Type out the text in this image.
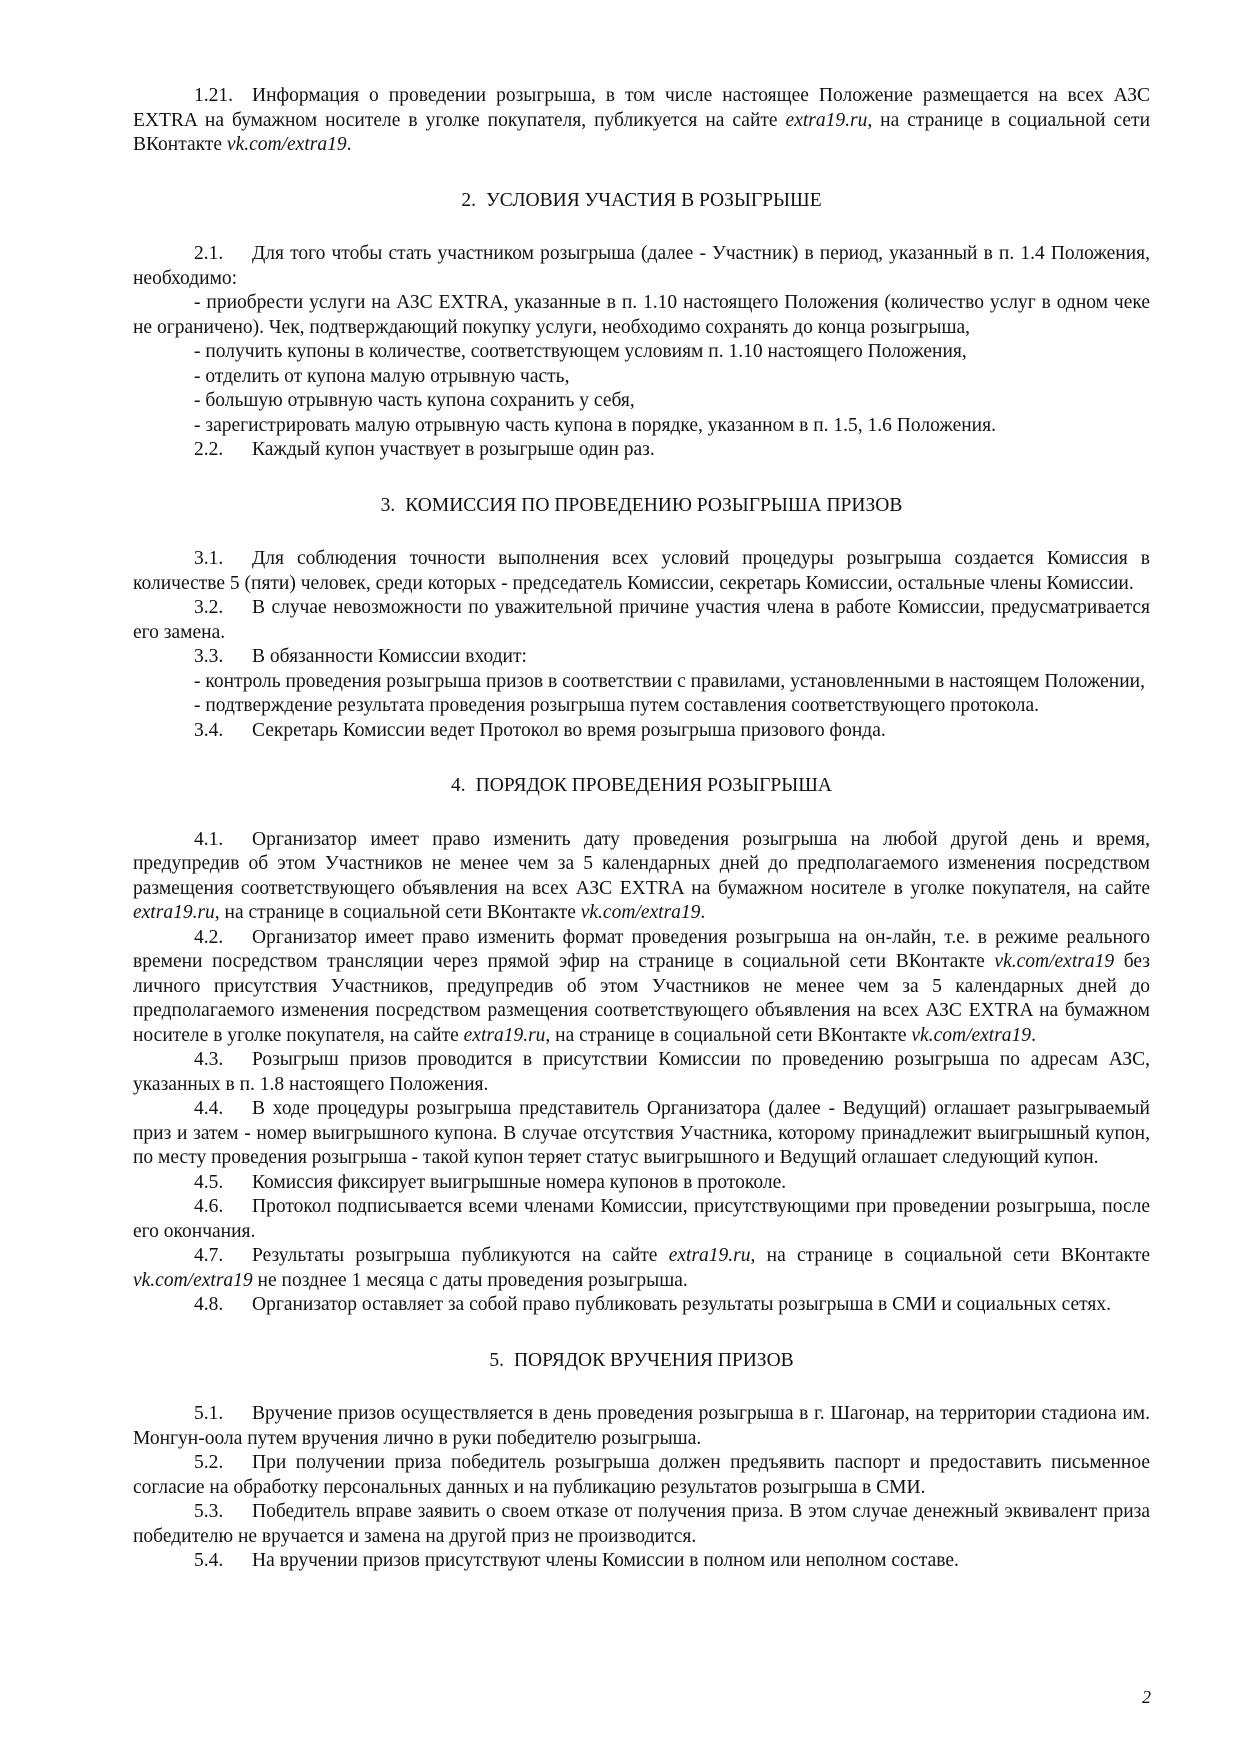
1.21. Информация о проведении розыгрыша, в том числе настоящее Положение размещается на всех АЗС EXTRA на бумажном носителе в уголке покупателя, публикуется на сайте extra19.ru, на странице в социальной сети ВКонтакте vk.com/extra19.
2. УСЛОВИЯ УЧАСТИЯ В РОЗЫГРЫШЕ
2.1. Для того чтобы стать участником розыгрыша (далее - Участник) в период, указанный в п. 1.4 Положения, необходимо:
- приобрести услуги на АЗС EXTRA, указанные в п. 1.10 настоящего Положения (количество услуг в одном чеке не ограничено). Чек, подтверждающий покупку услуги, необходимо сохранять до конца розыгрыша,
- получить купоны в количестве, соответствующем условиям п. 1.10 настоящего Положения,
- отделить от купона малую отрывную часть,
- большую отрывную часть купона сохранить у себя,
- зарегистрировать малую отрывную часть купона в порядке, указанном в п. 1.5, 1.6 Положения.
2.2. Каждый купон участвует в розыгрыше один раз.
3. КОМИССИЯ ПО ПРОВЕДЕНИЮ РОЗЫГРЫША ПРИЗОВ
3.1. Для соблюдения точности выполнения всех условий процедуры розыгрыша создается Комиссия в количестве 5 (пяти) человек, среди которых - председатель Комиссии, секретарь Комиссии, остальные члены Комиссии.
3.2. В случае невозможности по уважительной причине участия члена в работе Комиссии, предусматривается его замена.
3.3. В обязанности Комиссии входит:
- контроль проведения розыгрыша призов в соответствии с правилами, установленными в настоящем Положении,
- подтверждение результата проведения розыгрыша путем составления соответствующего протокола.
3.4. Секретарь Комиссии ведет Протокол во время розыгрыша призового фонда.
4. ПОРЯДОК ПРОВЕДЕНИЯ РОЗЫГРЫША
4.1. Организатор имеет право изменить дату проведения розыгрыша на любой другой день и время, предупредив об этом Участников не менее чем за 5 календарных дней до предполагаемого изменения посредством размещения соответствующего объявления на всех АЗС EXTRA на бумажном носителе в уголке покупателя, на сайте extra19.ru, на странице в социальной сети ВКонтакте vk.com/extra19.
4.2. Организатор имеет право изменить формат проведения розыгрыша на он-лайн, т.е. в режиме реального времени посредством трансляции через прямой эфир на странице в социальной сети ВКонтакте vk.com/extra19 без личного присутствия Участников, предупредив об этом Участников не менее чем за 5 календарных дней до предполагаемого изменения посредством размещения соответствующего объявления на всех АЗС EXTRA на бумажном носителе в уголке покупателя, на сайте extra19.ru, на странице в социальной сети ВКонтакте vk.com/extra19.
4.3. Розыгрыш призов проводится в присутствии Комиссии по проведению розыгрыша по адресам АЗС, указанных в п. 1.8 настоящего Положения.
4.4. В ходе процедуры розыгрыша представитель Организатора (далее - Ведущий) оглашает разыгрываемый приз и затем - номер выигрышного купона. В случае отсутствия Участника, которому принадлежит выигрышный купон, по месту проведения розыгрыша - такой купон теряет статус выигрышного и Ведущий оглашает следующий купон.
4.5. Комиссия фиксирует выигрышные номера купонов в протоколе.
4.6. Протокол подписывается всеми членами Комиссии, присутствующими при проведении розыгрыша, после его окончания.
4.7. Результаты розыгрыша публикуются на сайте extra19.ru, на странице в социальной сети ВКонтакте vk.com/extra19 не позднее 1 месяца с даты проведения розыгрыша.
4.8. Организатор оставляет за собой право публиковать результаты розыгрыша в СМИ и социальных сетях.
5. ПОРЯДОК ВРУЧЕНИЯ ПРИЗОВ
5.1. Вручение призов осуществляется в день проведения розыгрыша в г. Шагонар, на территории стадиона им. Монгун-оола путем вручения лично в руки победителю розыгрыша.
5.2. При получении приза победитель розыгрыша должен предъявить паспорт и предоставить письменное согласие на обработку персональных данных и на публикацию результатов розыгрыша в СМИ.
5.3. Победитель вправе заявить о своем отказе от получения приза. В этом случае денежный эквивалент приза победителю не вручается и замена на другой приз не производится.
5.4. На вручении призов присутствуют члены Комиссии в полном или неполном составе.
2
